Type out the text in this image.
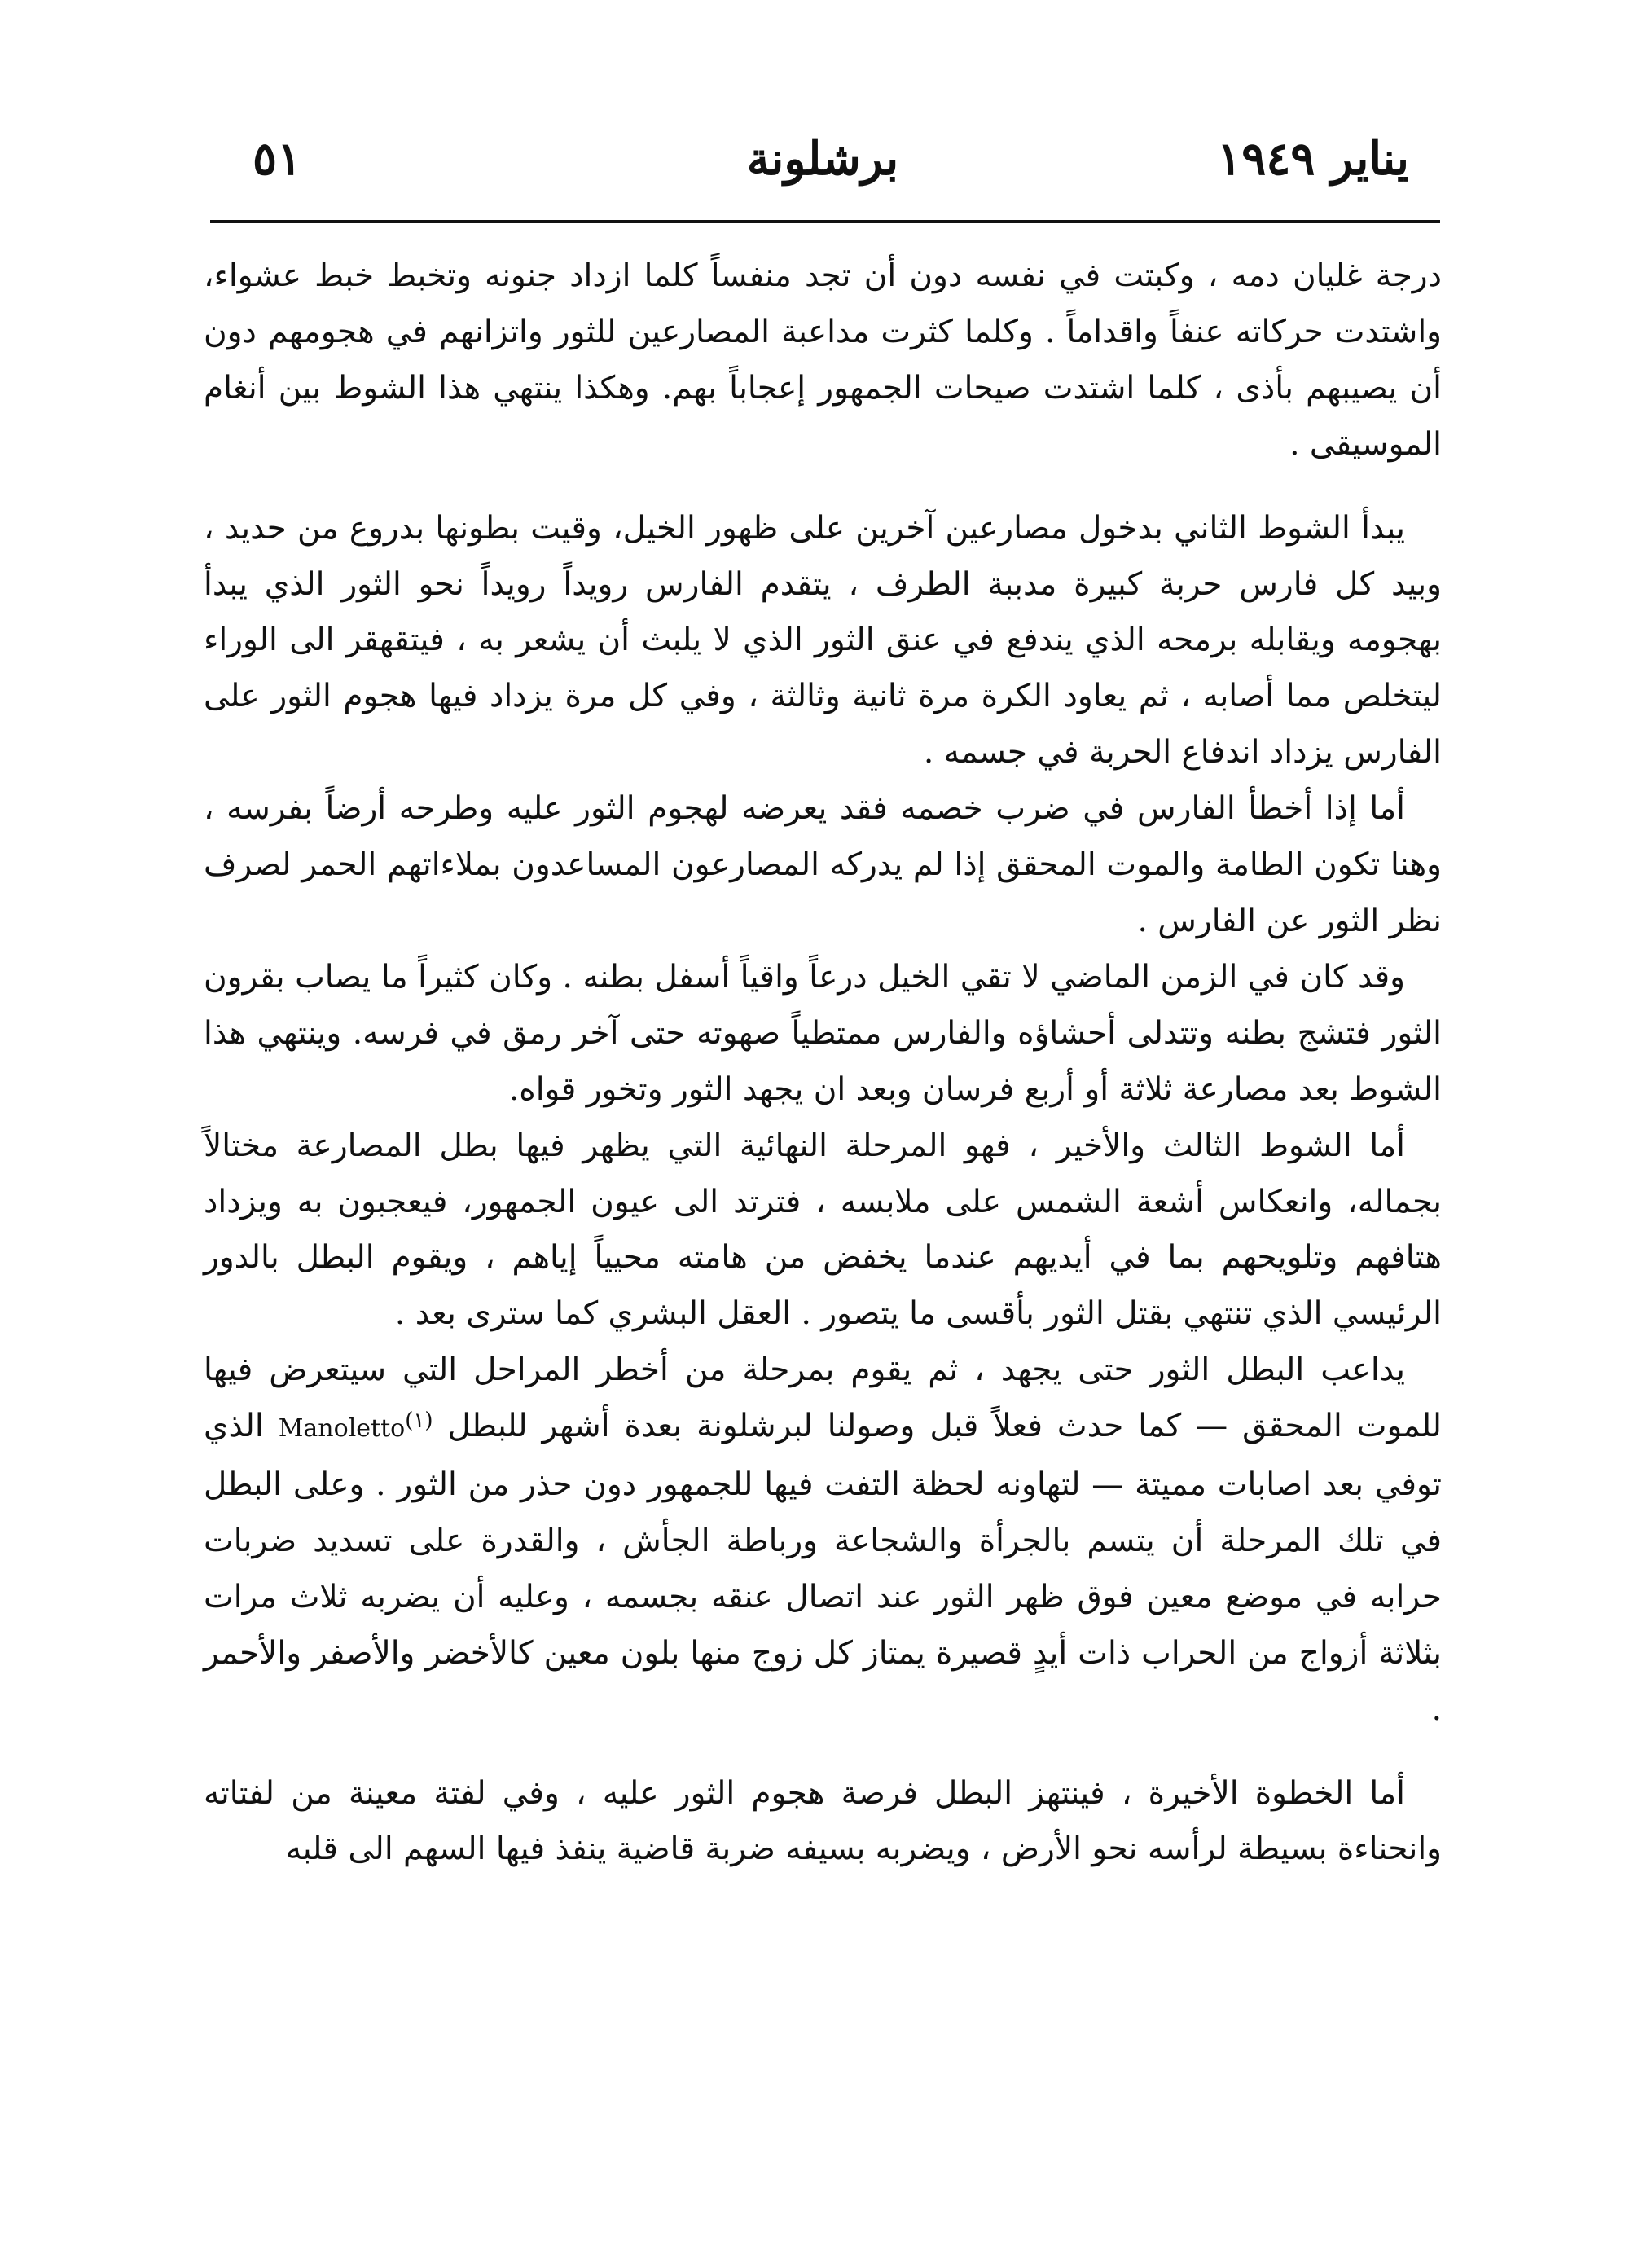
٥١	برشلونة	يناير ١٩٤٩

درجة غليان دمه ، وكبتت في نفسه دون أن تجد منفساً كلما ازداد جنونه وتخبط خبط عشواء، واشتدت حركاته عنفاً واقداماً . وكلما كثرت مداعبة المصارعين للثور واتزانهم في هجومهم دون أن يصيبهم بأذى ، كلما اشتدت صيحات الجمهور إعجاباً بهم. وهكذا ينتهي هذا الشوط بين أنغام الموسيقى .

يبدأ الشوط الثاني بدخول مصارعين آخرين على ظهور الخيل، وقيت بطونها بدروع من حديد ، وبيد كل فارس حربة كبيرة مدببة الطرف ، يتقدم الفارس رويداً رويداً نحو الثور الذي يبدأ بهجومه ويقابله برمحه الذي يندفع في عنق الثور الذي لا يلبث أن يشعر به ، فيتقهقر الى الوراء ليتخلص مما أصابه ، ثم يعاود الكرة مرة ثانية وثالثة ، وفي كل مرة يزداد فيها هجوم الثور على الفارس يزداد اندفاع الحربة في جسمه .

أما إذا أخطأ الفارس في ضرب خصمه فقد يعرضه لهجوم الثور عليه وطرحه أرضاً بفرسه ، وهنا تكون الطامة والموت المحقق إذا لم يدركه المصارعون المساعدون بملاءاتهم الحمر لصرف نظر الثور عن الفارس .

وقد كان في الزمن الماضي لا تقي الخيل درعاً واقياً أسفل بطنه . وكان كثيراً ما يصاب بقرون الثور فتشج بطنه وتتدلى أحشاؤه والفارس ممتطياً صهوته حتى آخر رمق في فرسه. وينتهي هذا الشوط بعد مصارعة ثلاثة أو أربع فرسان وبعد ان يجهد الثور وتخور قواه.

أما الشوط الثالث والأخير ، فهو المرحلة النهائية التي يظهر فيها بطل المصارعة مختالاً بجماله، وانعكاس أشعة الشمس على ملابسه ، فترتد الى عيون الجمهور، فيعجبون به ويزداد هتافهم وتلويحهم بما في أيديهم عندما يخفض من هامته محيياً إياهم ، ويقوم البطل بالدور الرئيسي الذي تنتهي بقتل الثور بأقسى ما يتصور . العقل البشري كما سترى بعد .

يداعب البطل الثور حتى يجهد ، ثم يقوم بمرحلة من أخطر المراحل التي سيتعرض فيها للموت المحقق — كما حدث فعلاً قبل وصولنا لبرشلونة بعدة أشهر للبطل Manoletto(١) الذي توفي بعد اصابات مميتة — لتهاونه لحظة التفت فيها للجمهور دون حذر من الثور . وعلى البطل في تلك المرحلة أن يتسم بالجرأة والشجاعة ورباطة الجأش ، والقدرة على تسديد ضربات حرابه في موضع معين فوق ظهر الثور عند اتصال عنقه بجسمه ، وعليه أن يضربه ثلاث مرات بثلاثة أزواج من الحراب ذات أيدٍ قصيرة يمتاز كل زوج منها بلون معين كالأخضر والأصفر والأحمر .

أما الخطوة الأخيرة ، فينتهز البطل فرصة هجوم الثور عليه ، وفي لفتة معينة من لفتاته وانحناءة بسيطة لرأسه نحو الأرض ، ويضربه بسيفه ضربة قاضية ينفذ فيها السهم الى قلبه
